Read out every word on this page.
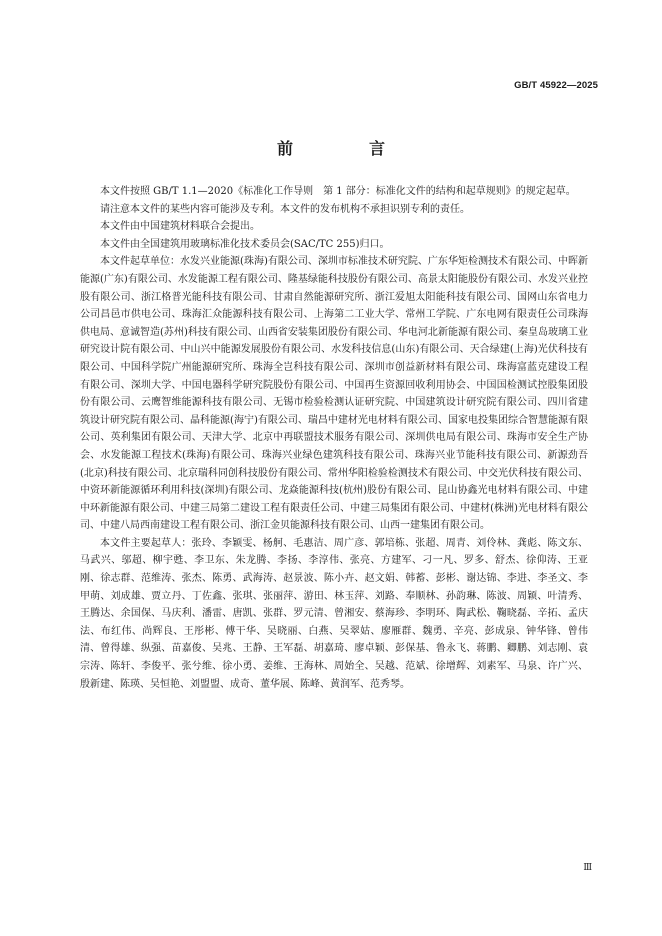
GB/T 45922—2025
前　言

本文件按照 GB/T 1.1—2020《标准化工作导则　第 1 部分：标准化文件的结构和起草规则》的规定起草。

请注意本文件的某些内容可能涉及专利。本文件的发布机构不承担识别专利的责任。

本文件由中国建筑材料联合会提出。

本文件由全国建筑用玻璃标准化技术委员会(SAC/TC 255)归口。

本文件起草单位：水发兴业能源(珠海)有限公司、深圳市标准技术研究院、广东华矩检测技术有限公司、中晖新能源(广东)有限公司、水发能源工程有限公司、隆基绿能科技股份有限公司、高景太阳能股份有限公司、水发兴业控股有限公司、浙江格普光能科技有限公司、甘肃自然能源研究所、浙江爱旭太阳能科技有限公司、国网山东省电力公司昌邑市供电公司、珠海汇众能源科技有限公司、上海第二工业大学、常州工学院、广东电网有限责任公司珠海供电局、意诚智造(苏州)科技有限公司、山西省安装集团股份有限公司、华电河北新能源有限公司、秦皇岛玻璃工业研究设计院有限公司、中山兴中能源发展股份有限公司、水发科技信息(山东)有限公司、天合绿建(上海)光伏科技有限公司、中国科学院广州能源研究所、珠海全岂科技有限公司、深圳市创益新材料有限公司、珠海富蓝克建设工程有限公司、深圳大学、中国电器科学研究院股份有限公司、中国再生资源回收利用协会、中国国检测试控股集团股份有限公司、云鹰智维能源科技有限公司、无锡市检验检测认证研究院、中国建筑设计研究院有限公司、四川省建筑设计研究院有限公司、晶科能源(海宁)有限公司、瑞昌中建材光电材料有限公司、国家电投集团综合智慧能源有限公司、英利集团有限公司、天津大学、北京中再联盟技术服务有限公司、深圳供电局有限公司、珠海市安全生产协会、水发能源工程技术(珠海)有限公司、珠海兴业绿色建筑科技有限公司、珠海兴业节能科技有限公司、新源劲吾(北京)科技有限公司、北京瑞科同创科技股份有限公司、常州华阳检验检测技术有限公司、中交光伏科技有限公司、中资环新能源循环利用科技(深圳)有限公司、龙焱能源科技(杭州)股份有限公司、昆山协鑫光电材料有限公司、中建中环新能源有限公司、中建三局第二建设工程有限责任公司、中建三局集团有限公司、中建材(株洲)光电材料有限公司、中建八局西南建设工程有限公司、浙江金贝能源科技有限公司、山西一建集团有限公司。

本文件主要起草人：张玲、李颖雯、杨舸、毛惠洁、周广彦、郭培栋、张超、周青、刘伶林、龚彪、陈文东、马武兴、邬超、柳宇甦、李卫东、朱龙腾、李扬、李淳伟、张亮、方建军、刁一凡、罗多、舒杰、徐仰涛、王亚刚、徐志群、范维涛、张杰、陈勇、武海涛、赵景波、陈小卉、赵文娟、韩蓄、彭彬、谢达锦、李进、李圣文、李甲萌、刘成雄、贾立丹、丁佐鑫、张琪、张丽萍、游田、林玉萍、刘路、奉顺林、孙韵琳、陈波、周颖、叶清秀、王腾达、余国保、马庆利、潘雷、唐凯、张群、罗元清、曾湘安、蔡海珍、李明环、陶武松、鞠晓磊、辛拓、孟庆法、布红伟、尚辉良、王彤彬、傅干华、吴晓丽、白燕、吴翠姑、廖雁群、魏勇、辛亮、彭成泉、钟华锋、曾伟清、曾得雄、纵强、苗嘉俊、吴兆、王静、王军磊、胡嘉琦、廖卓颖、彭保基、鲁永飞、蒋鹏、卿鹏、刘志刚、袁宗涛、陈轩、李俊平、张兮维、徐小勇、姜维、王海林、周始全、吴越、范斌、徐增辉、刘素军、马泉、许广兴、殷新建、陈瑛、吴恒艳、刘盟盟、成奇、董华展、陈峰、黄润军、范秀琴。

Ⅲ
